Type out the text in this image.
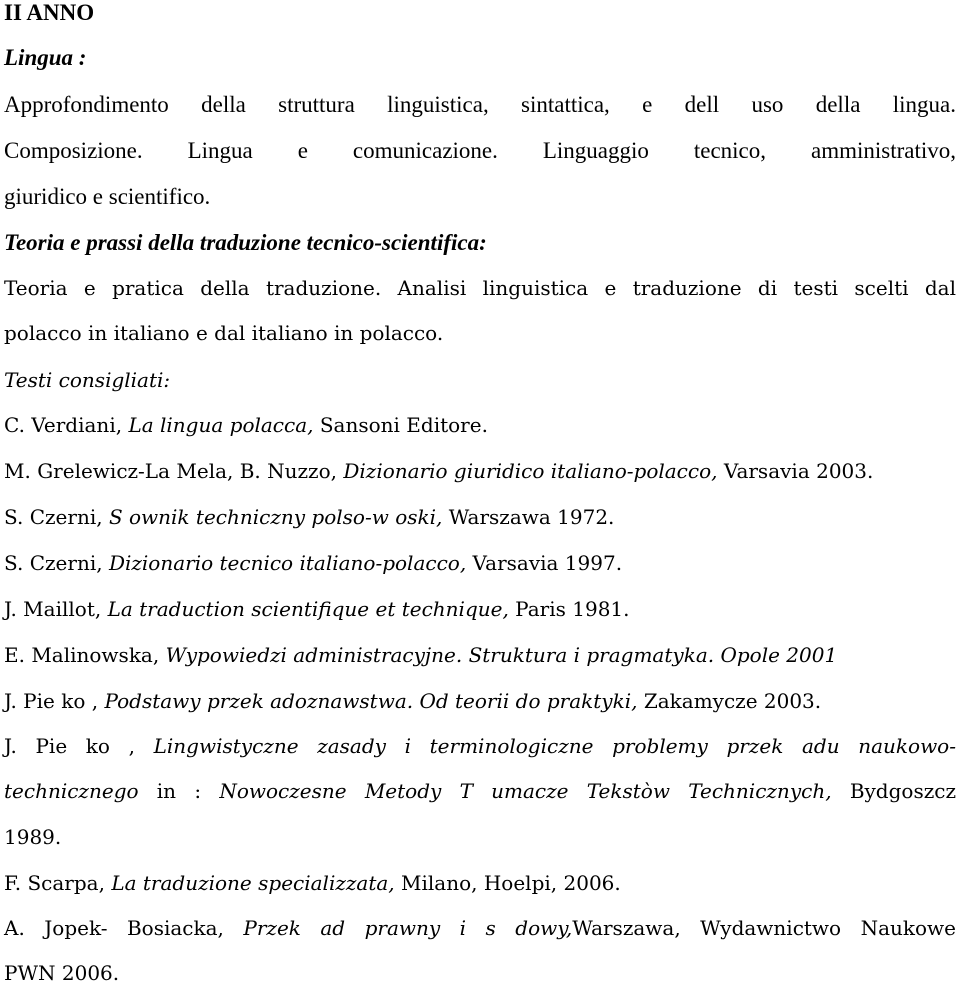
II ANNO
Lingua :
Approfondimento della struttura linguistica, sintattica, e dell uso della lingua.
Composizione. Lingua e comunicazione. Linguaggio tecnico, amministrativo,
giuridico e scientifico.
Teoria e prassi della traduzione tecnico-scientifica:
Teoria e pratica della traduzione. Analisi linguistica e traduzione di testi scelti dal
polacco in italiano e dal italiano in polacco.
Testi consigliati:
C. Verdiani, La lingua polacca, Sansoni Editore.
M. Grelewicz-La Mela, B. Nuzzo, Dizionario giuridico italiano-polacco, Varsavia 2003.
S. Czerni, S ownik techniczny polso-w oski, Warszawa 1972.
S. Czerni, Dizionario tecnico italiano-polacco, Varsavia 1997.
J. Maillot, La traduction scientifique et technique, Paris 1981.
E. Malinowska, Wypowiedzi administracyjne. Struktura i pragmatyka. Opole 2001
J. Pie ko , Podstawy przek adoznawstwa. Od teorii do praktyki, Zakamycze 2003.
J. Pie ko , Lingwistyczne zasady i terminologiczne problemy przek adu naukowo-
technicznego in : Nowoczesne Metody T umacze Tekstòw Technicznych, Bydgoszcz
1989.
F. Scarpa, La traduzione specializzata, Milano, Hoelpi, 2006.
A. Jopek- Bosiacka, Przek ad prawny i s dowy,Warszawa, Wydawnictwo Naukowe
PWN 2006.
